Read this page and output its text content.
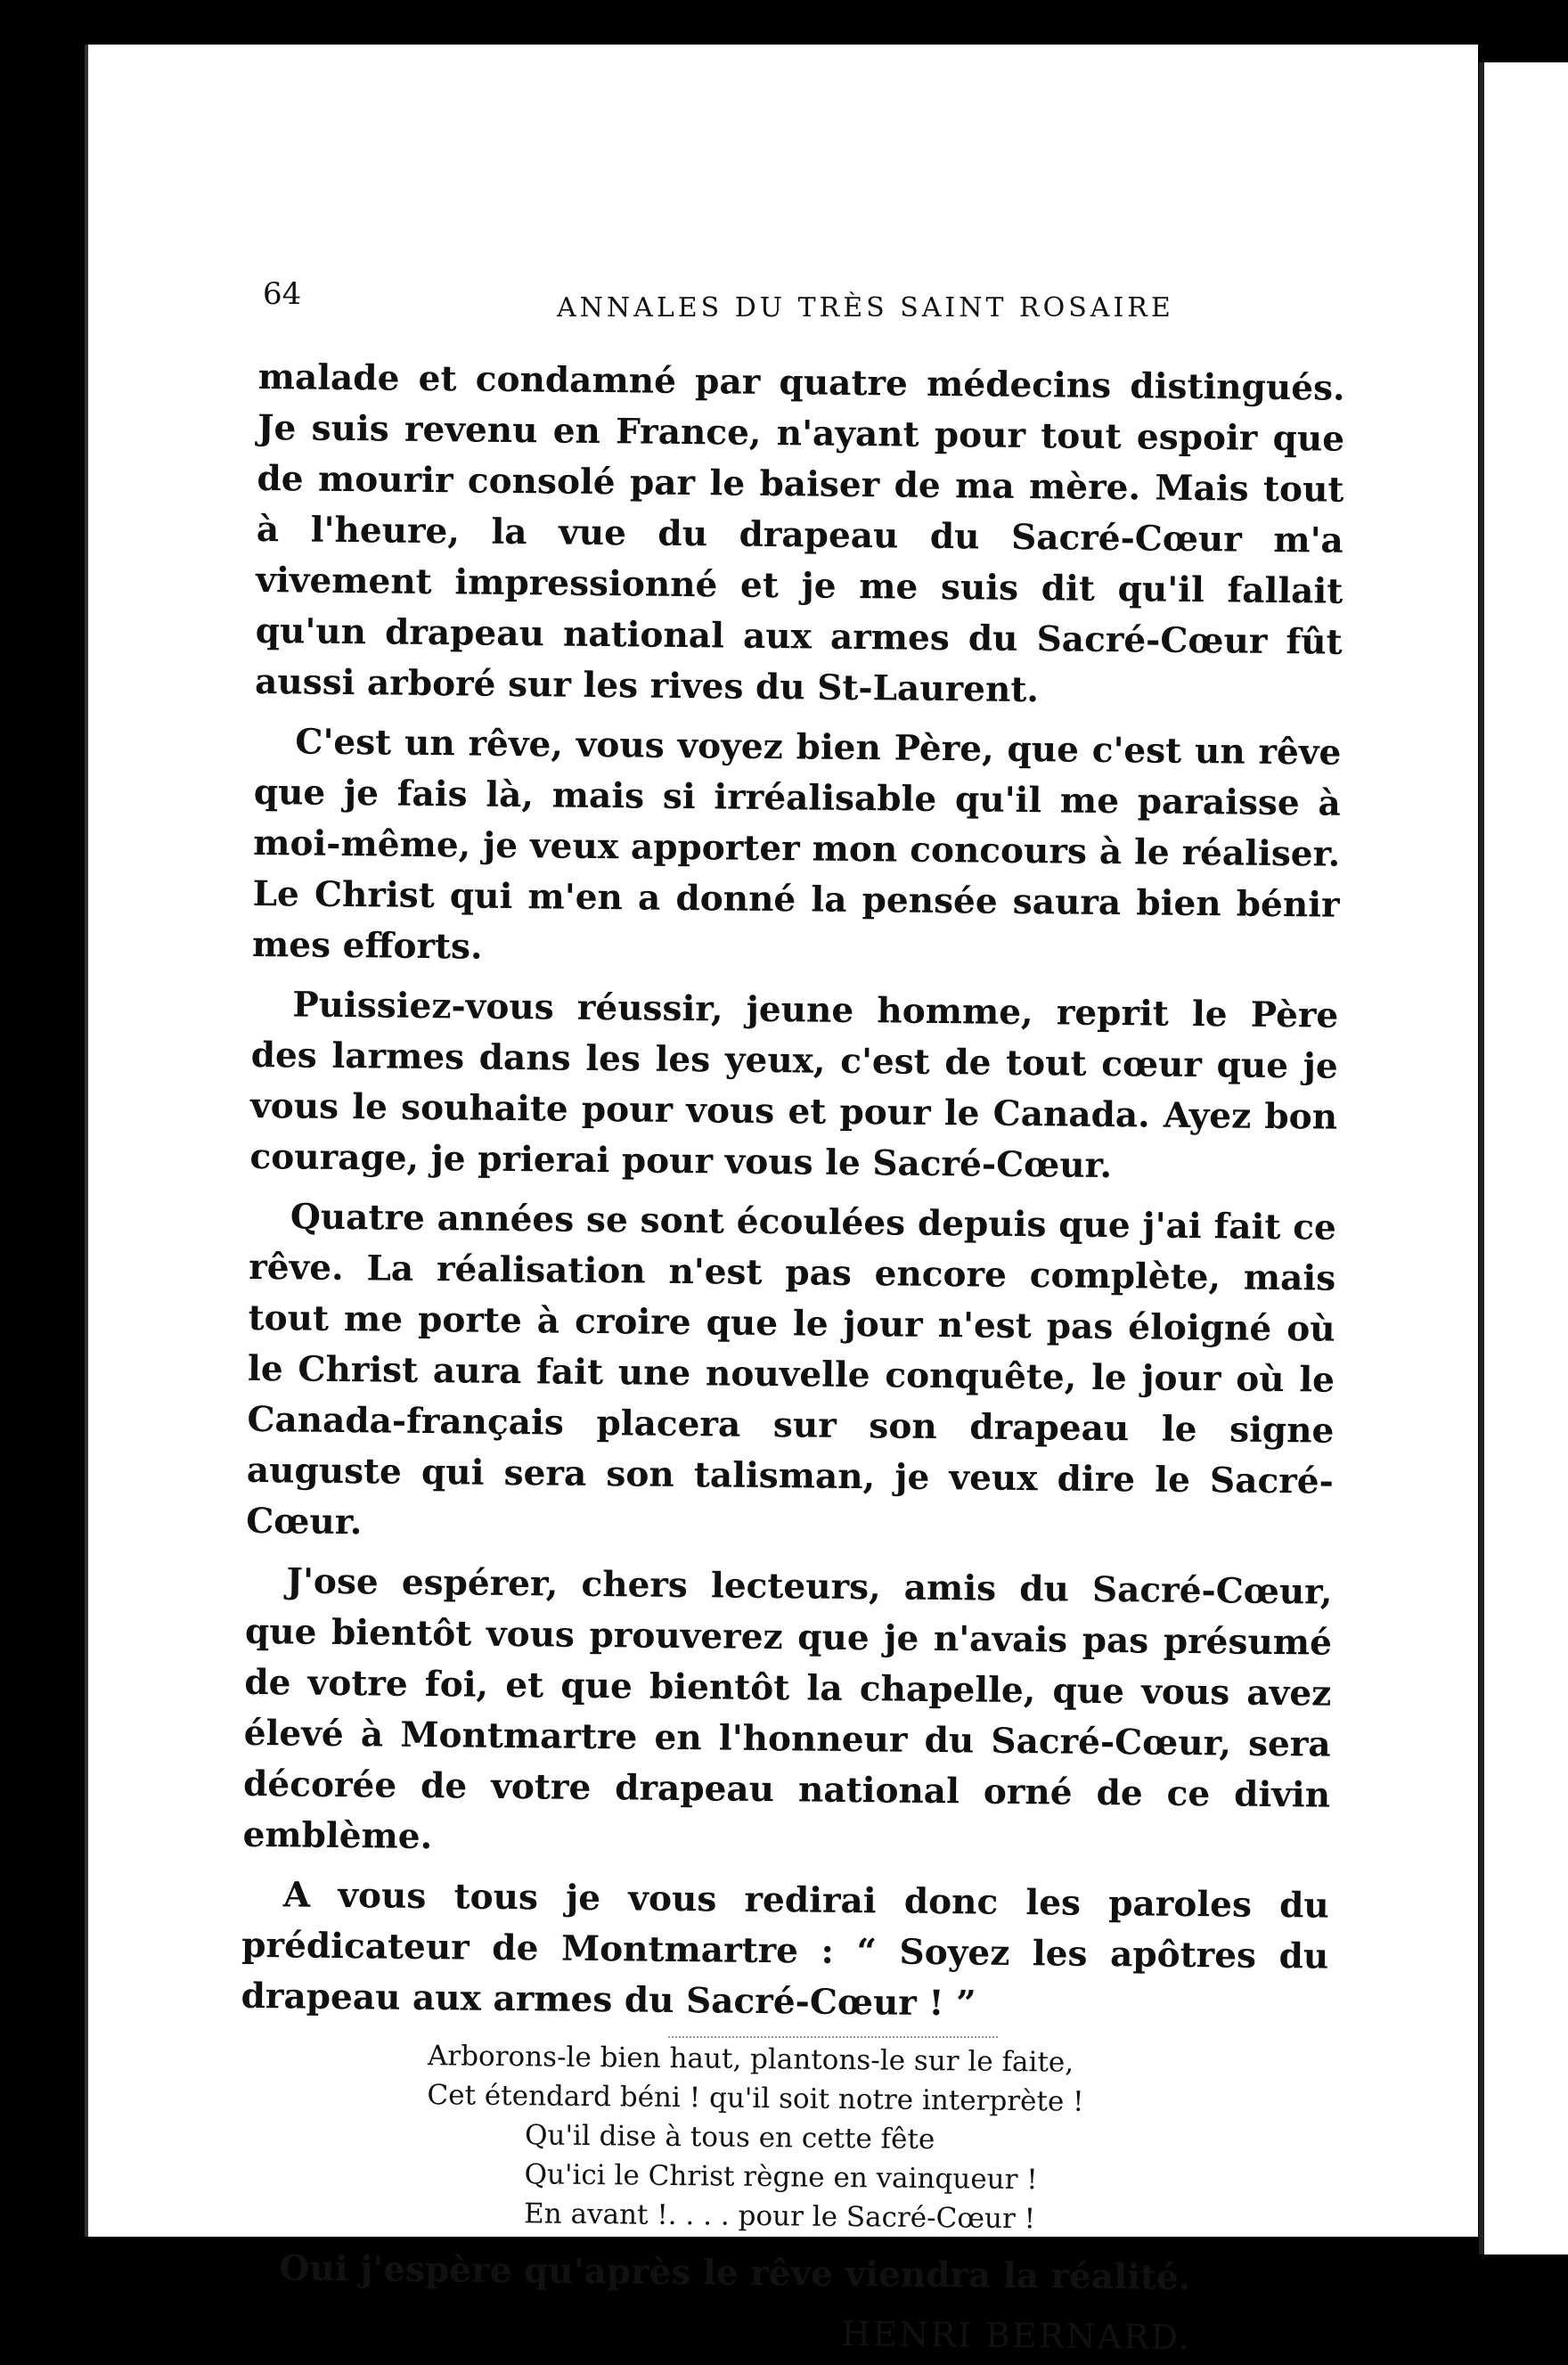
64	ANNALES DU TRÈS SAINT ROSAIRE

malade et condamné par quatre médecins distingués. Je suis revenu en France, n'ayant pour tout espoir que de mourir consolé par le baiser de ma mère. Mais tout à l'heure, la vue du drapeau du Sacré-Cœur m'a vivement impressionné et je me suis dit qu'il fallait qu'un drapeau national aux armes du Sacré-Cœur fût aussi arboré sur les rives du St-Laurent.

C'est un rêve, vous voyez bien Père, que c'est un rêve que je fais là, mais si irréalisable qu'il me paraisse à moi-même, je veux apporter mon concours à le réaliser. Le Christ qui m'en a donné la pensée saura bien bénir mes efforts.

Puissiez-vous réussir, jeune homme, reprit le Père des larmes dans les les yeux, c'est de tout cœur que je vous le souhaite pour vous et pour le Canada. Ayez bon courage, je prierai pour vous le Sacré-Cœur.

Quatre années se sont écoulées depuis que j'ai fait ce rêve. La réalisation n'est pas encore complète, mais tout me porte à croire que le jour n'est pas éloigné où le Christ aura fait une nouvelle conquête, le jour où le Canada-français placera sur son drapeau le signe auguste qui sera son talisman, je veux dire le Sacré-Cœur.

J'ose espérer, chers lecteurs, amis du Sacré-Cœur, que bientôt vous prouverez que je n'avais pas présumé de votre foi, et que bientôt la chapelle, que vous avez élevé à Montmartre en l'honneur du Sacré-Cœur, sera décorée de votre drapeau national orné de ce divin emblème.

A vous tous je vous redirai donc les paroles du prédicateur de Montmartre : “ Soyez les apôtres du drapeau aux armes du Sacré-Cœur ! ”

Arborons-le bien haut, plantons-le sur le faite,
Cet étendard béni ! qu'il soit notre interprète !
Qu'il dise à tous en cette fête
Qu'ici le Christ règne en vainqueur !
En avant !. . . . pour le Sacré-Cœur !

Oui j'espère qu'après le rêve viendra la réalité.

HENRI BERNARD.
